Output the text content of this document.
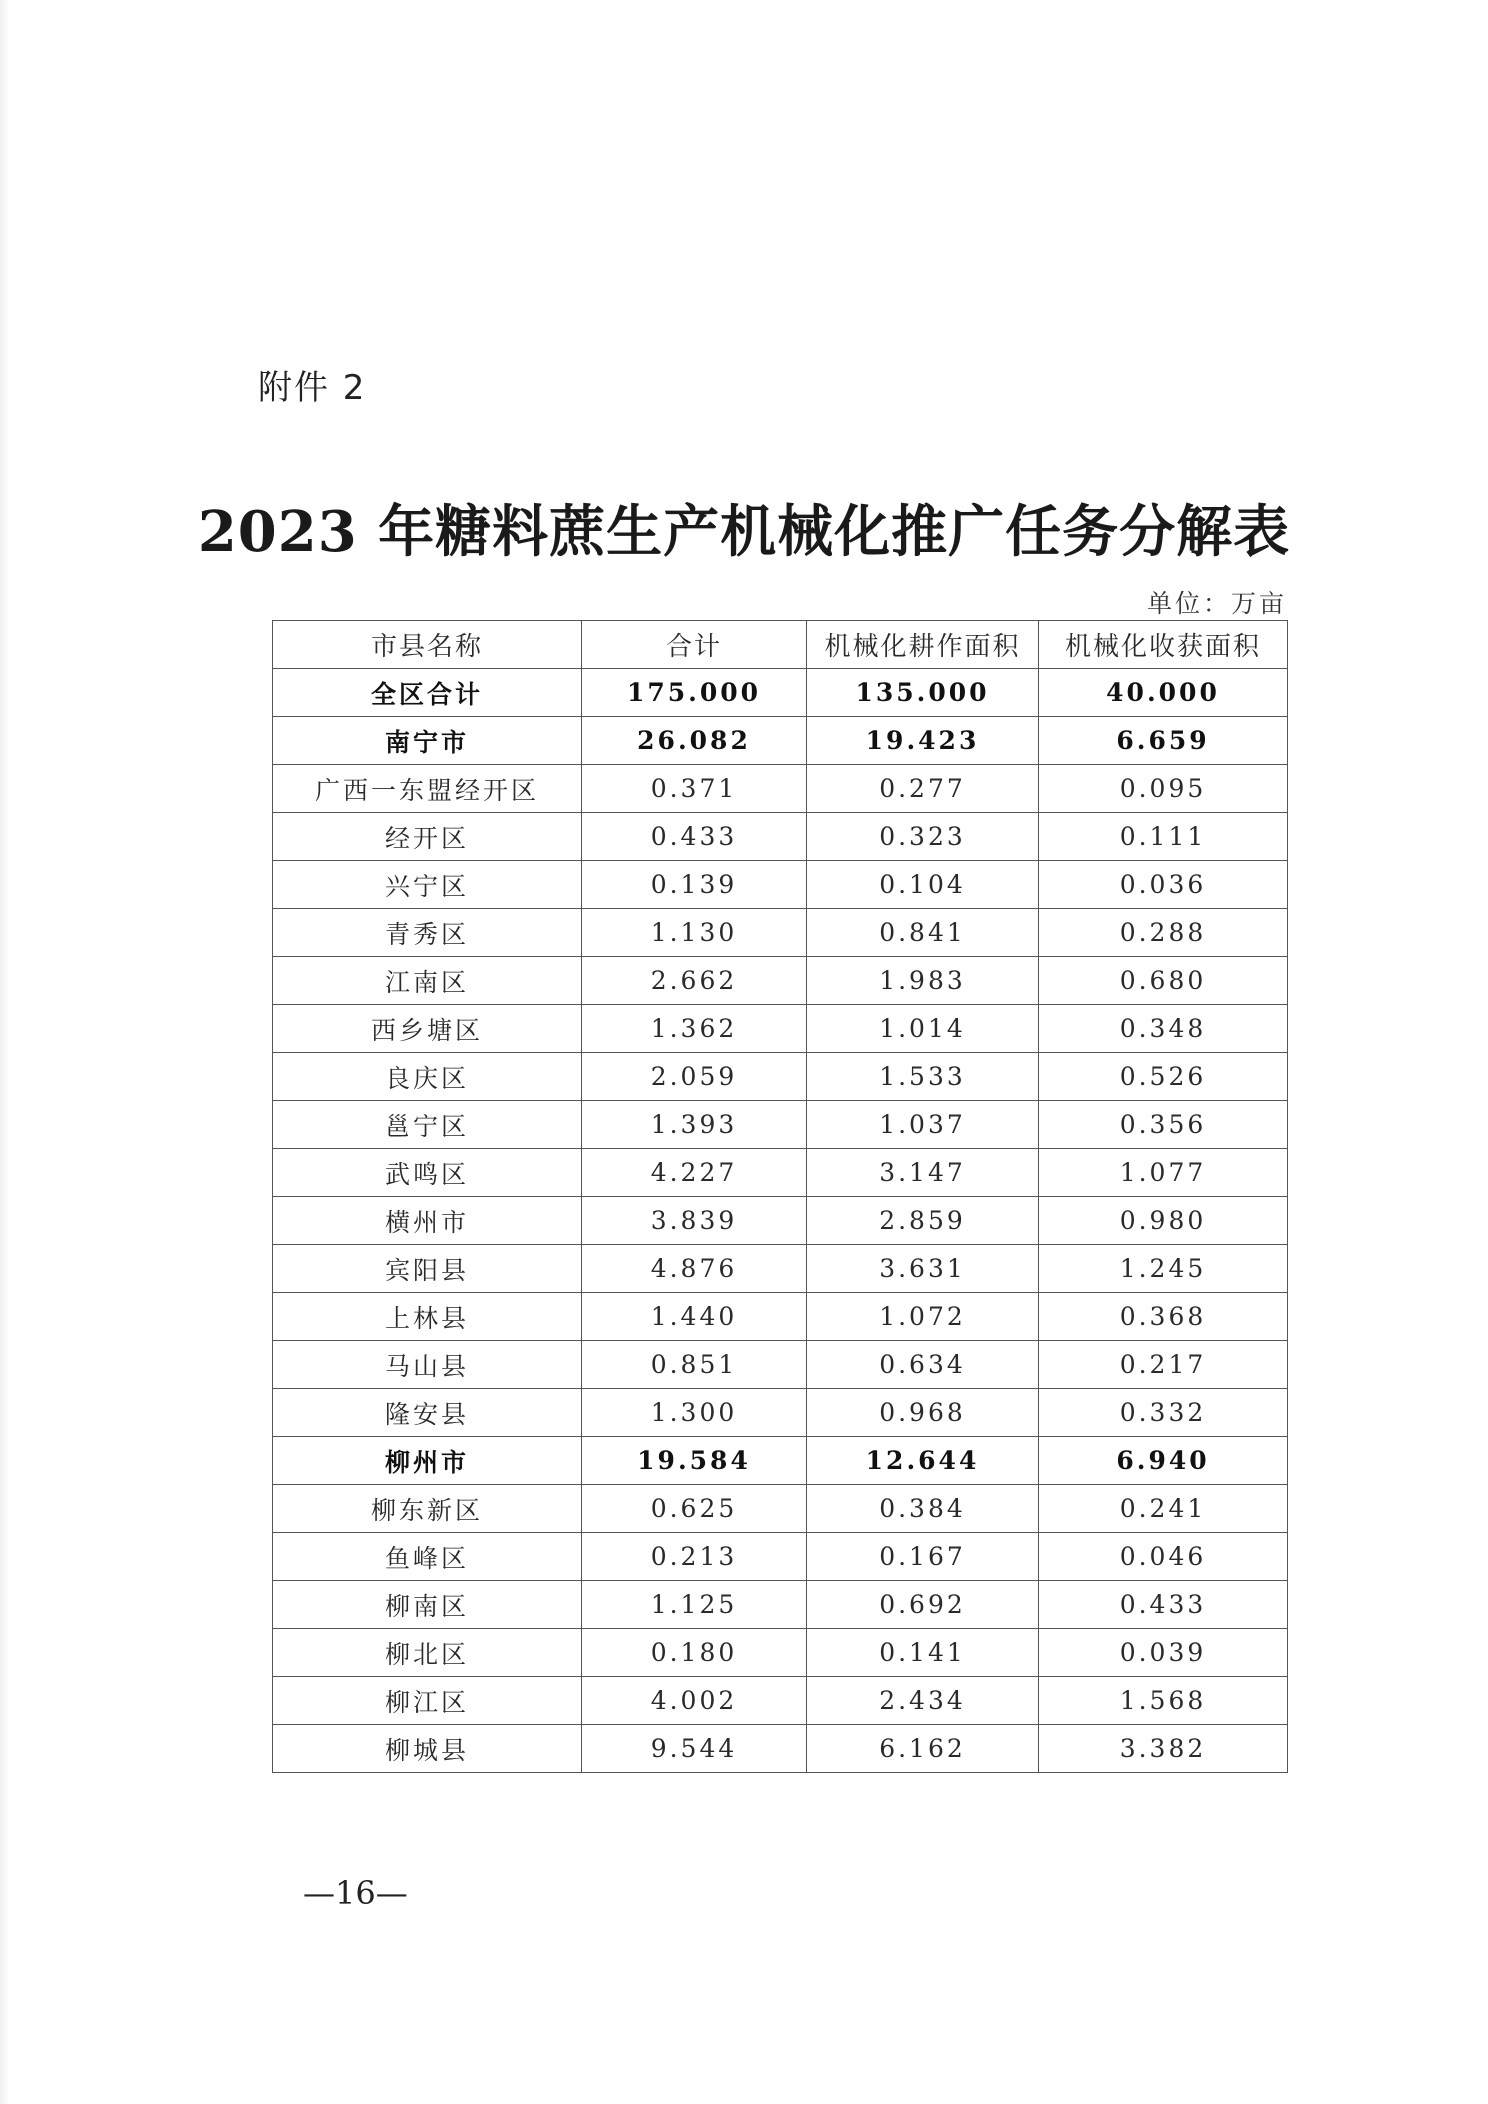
附件 2
2023 年糖料蔗生产机械化推广任务分解表
单位：万亩
市县名称	合计	机械化耕作面积	机械化收获面积
全区合计	175.000	135.000	40.000
南宁市	26.082	19.423	6.659
广西一东盟经开区	0.371	0.277	0.095
经开区	0.433	0.323	0.111
兴宁区	0.139	0.104	0.036
青秀区	1.130	0.841	0.288
江南区	2.662	1.983	0.680
西乡塘区	1.362	1.014	0.348
良庆区	2.059	1.533	0.526
邕宁区	1.393	1.037	0.356
武鸣区	4.227	3.147	1.077
横州市	3.839	2.859	0.980
宾阳县	4.876	3.631	1.245
上林县	1.440	1.072	0.368
马山县	0.851	0.634	0.217
隆安县	1.300	0.968	0.332
柳州市	19.584	12.644	6.940
柳东新区	0.625	0.384	0.241
鱼峰区	0.213	0.167	0.046
柳南区	1.125	0.692	0.433
柳北区	0.180	0.141	0.039
柳江区	4.002	2.434	1.568
柳城县	9.544	6.162	3.382
—16—
